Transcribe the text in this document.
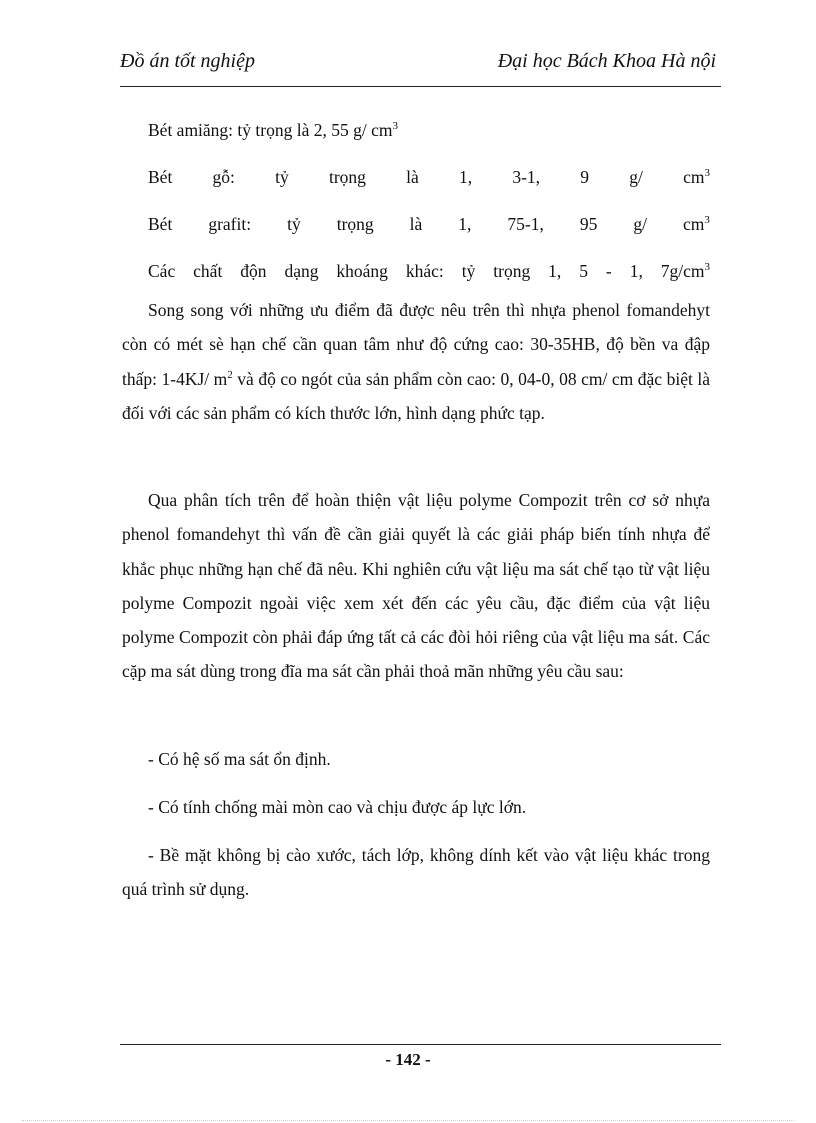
Đồ án tốt nghiệp	Đại học Bách Khoa Hà nội
Bét amiăng: tỷ trọng là 2, 55 g/ $cm^3$
Bét gỗ: tỷ trọng là 1, 3-1, 9 g/ $cm^3$
Bét grafit: tỷ trọng là 1, 75-1, 95 g/ $cm^3$
Các chất độn dạng khoáng khác: tỷ trọng 1, 5 - 1, $7g/cm^3$

Song song với những ưu điểm đã được nêu trên thì nhựa phenol fomandehyt còn có mét sè hạn chế cần quan tâm như độ cứng cao: 30-35HB, độ bền va đập thấp: 1-4KJ/ $m^2$ và độ co ngót của sản phẩm còn cao: 0, 04-0, 08 cm/ cm đặc biệt là đối với các sản phẩm có kích thước lớn, hình dạng phức tạp.

Qua phân tích trên để hoàn thiện vật liệu polyme Compozit trên cơ sở nhựa phenol fomandehyt thì vấn đề cần giải quyết là các giải pháp biến tính nhựa để khắc phục những hạn chế đã nêu. Khi nghiên cứu vật liệu ma sát chế tạo từ vật liệu polyme Compozit ngoài việc xem xét đến các yêu cầu, đặc điểm của vật liệu polyme Compozit còn phải đáp ứng tất cả các đòi hỏi riêng của vật liệu ma sát. Các cặp ma sát dùng trong đĩa ma sát cần phải thoả mãn những yêu cầu sau:

- Có hệ số ma sát ổn định.

- Có tính chống mài mòn cao và chịu được áp lực lớn.

- Bề mặt không bị cào xước, tách lớp, không dính kết vào vật liệu khác trong quá trình sử dụng.

- 142 -
